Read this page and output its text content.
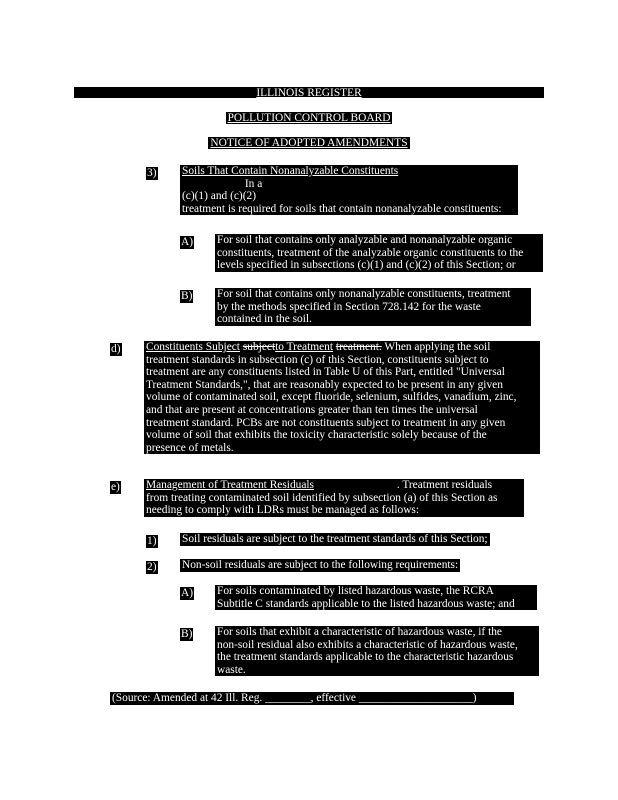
ILLINOIS REGISTER
POLLUTION CONTROL BOARD
NOTICE OF ADOPTED AMENDMENTS
3) Soils That Contain Nonanalyzable Constituents x
x	In a
(c)(1) and (c)(2)
treatment is required for soils that contain nonanalyzable constituents:
A) For soil that contains only analyzable and nonanalyzable organic
constituents, treatment of the analyzable organic constituents to the
levels specified in subsections (c)(1) and (c)(2) of this Section; or
B) For soil that contains only nonanalyzable constituents, treatment
by the methods specified in Section 728.142 for the waste
contained in the soil.
d) Constituents Subject subjectto Treatment treatment. When applying the soil
treatment standards in subsection (c) of this Section, constituents subject to
treatment are any constituents listed in Table U of this Part, entitled "Universal
Treatment Standards,", that are reasonably expected to be present in any given
volume of contaminated soil, except fluoride, selenium, sulfides, vanadium, zinc,
and that are present at concentrations greater than ten times the universal
treatment standard. PCBs are not constituents subject to treatment in any given
volume of soil that exhibits the toxicity characteristic solely because of the
presence of metals.
e) Management of Treatment Residuals x	. Treatment residuals
from treating contaminated soil identified by subsection (a) of this Section as
needing to comply with LDRs must be managed as follows:
1) Soil residuals are subject to the treatment standards of this Section;
2) Non-soil residuals are subject to the following requirements:
A) For soils contaminated by listed hazardous waste, the RCRA
Subtitle C standards applicable to the listed hazardous waste; and
B) For soils that exhibit a characteristic of hazardous waste, if the
non-soil residual also exhibits a characteristic of hazardous waste,
the treatment standards applicable to the characteristic hazardous
waste.
(Source: Amended at 42 Ill. Reg. ________, effective ____________________)
